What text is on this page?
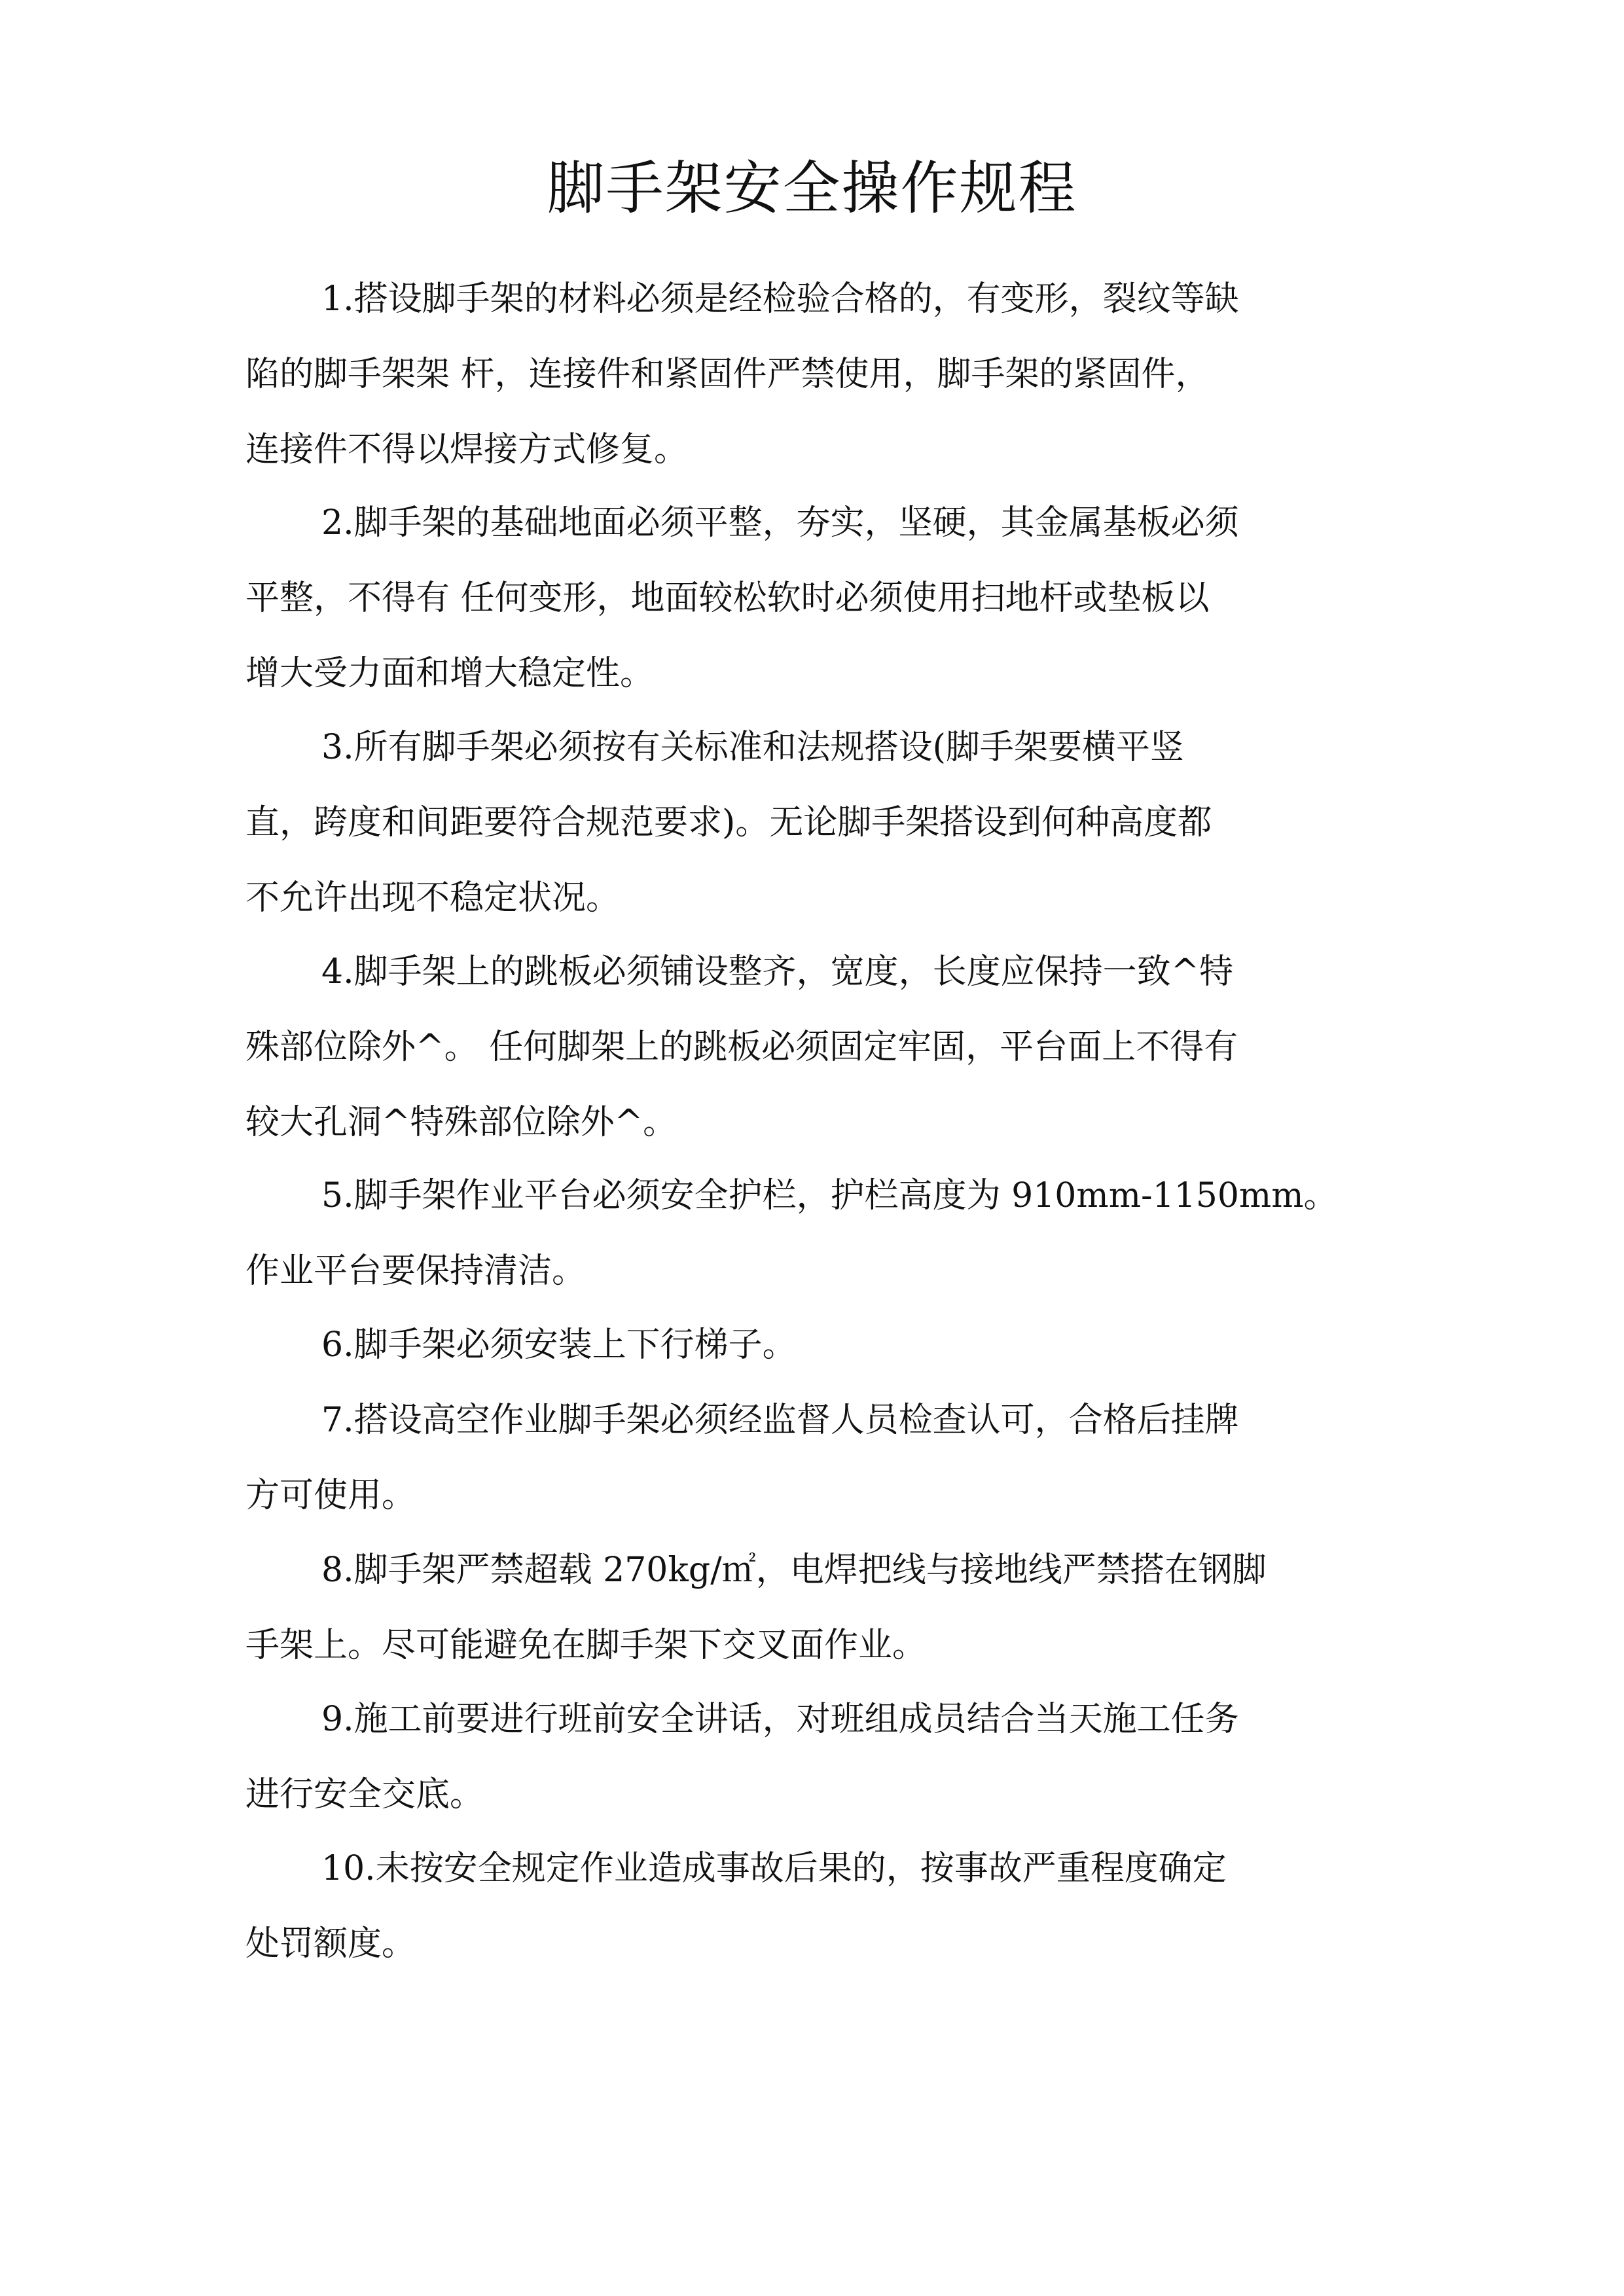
脚手架安全操作规程

1.搭设脚手架的材料必须是经检验合格的，有变形，裂纹等缺
陷的脚手架架 杆，连接件和紧固件严禁使用，脚手架的紧固件，
连接件不得以焊接方式修复。

2.脚手架的基础地面必须平整，夯实，坚硬，其金属基板必须
平整，不得有 任何变形，地面较松软时必须使用扫地杆或垫板以
增大受力面和增大稳定性。

3.所有脚手架必须按有关标准和法规搭设(脚手架要横平竖
直，跨度和间距要符合规范要求)。无论脚手架搭设到何种高度都
不允许出现不稳定状况。

4.脚手架上的跳板必须铺设整齐，宽度，长度应保持一致^特
殊部位除外^。 任何脚架上的跳板必须固定牢固，平台面上不得有
较大孔洞^特殊部位除外^。

5.脚手架作业平台必须安全护栏，护栏高度为 910mm-1150mm。
作业平台要保持清洁。

6.脚手架必须安装上下行梯子。

7.搭设高空作业脚手架必须经监督人员检查认可，合格后挂牌
方可使用。

8.脚手架严禁超载 270kg/㎡，电焊把线与接地线严禁搭在钢脚
手架上。尽可能避免在脚手架下交叉面作业。

9.施工前要进行班前安全讲话，对班组成员结合当天施工任务
进行安全交底。

10.未按安全规定作业造成事故后果的，按事故严重程度确定
处罚额度。
